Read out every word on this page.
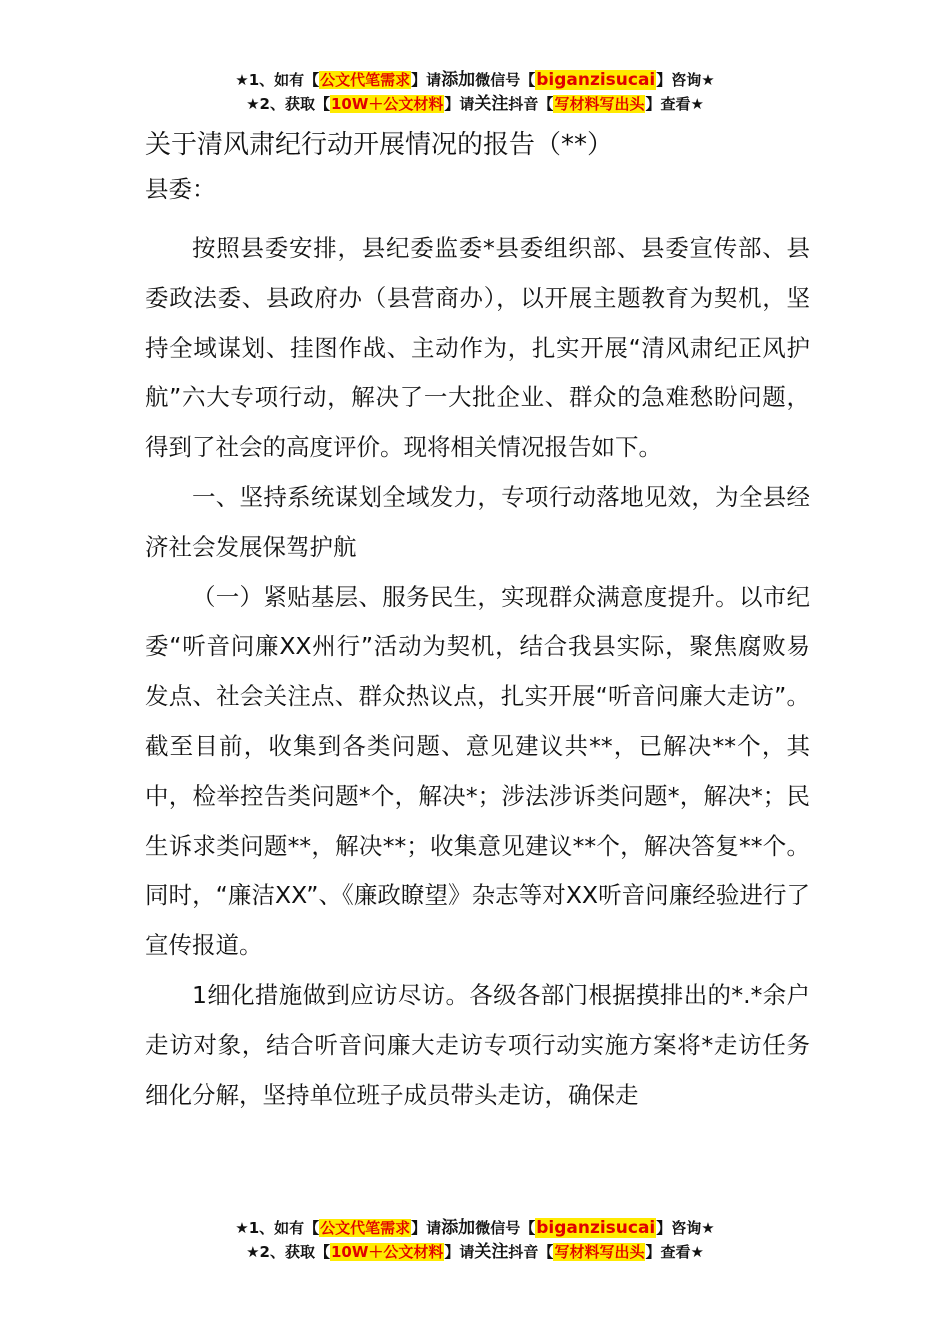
★1、如有【公文代笔需求】请添加微信号【biganzisucai】咨询★
★2、获取【10W＋公文材料】请关注抖音【写材料写出头】查看★
关于清风肃纪行动开展情况的报告（**）

县委：

按照县委安排，县纪委监委*县委组织部、县委宣传部、县委政法委、县政府办（县营商办），以开展主题教育为契机，坚持全域谋划、挂图作战、主动作为，扎实开展“清风肃纪正风护航”六大专项行动，解决了一大批企业、群众的急难愁盼问题，得到了社会的高度评价。现将相关情况报告如下。

一、坚持系统谋划全域发力，专项行动落地见效，为全县经济社会发展保驾护航

（一）紧贴基层、服务民生，实现群众满意度提升。以市纪委“听音问廉XX州行”活动为契机，结合我县实际，聚焦腐败易发点、社会关注点、群众热议点，扎实开展“听音问廉大走访”。截至目前，收集到各类问题、意见建议共**，已解决**个，其中，检举控告类问题*个，解决*；涉法涉诉类问题*，解决*；民生诉求类问题**，解决**；收集意见建议**个，解决答复**个。同时，“廉洁XX”、《廉政瞭望》杂志等对XX听音问廉经验进行了宣传报道。

1细化措施做到应访尽访。各级各部门根据摸排出的*.*余户走访对象，结合听音问廉大走访专项行动实施方案将*走访任务细化分解，坚持单位班子成员带头走访，确保走

★1、如有【公文代笔需求】请添加微信号【biganzisucai】咨询★
★2、获取【10W＋公文材料】请关注抖音【写材料写出头】查看★
